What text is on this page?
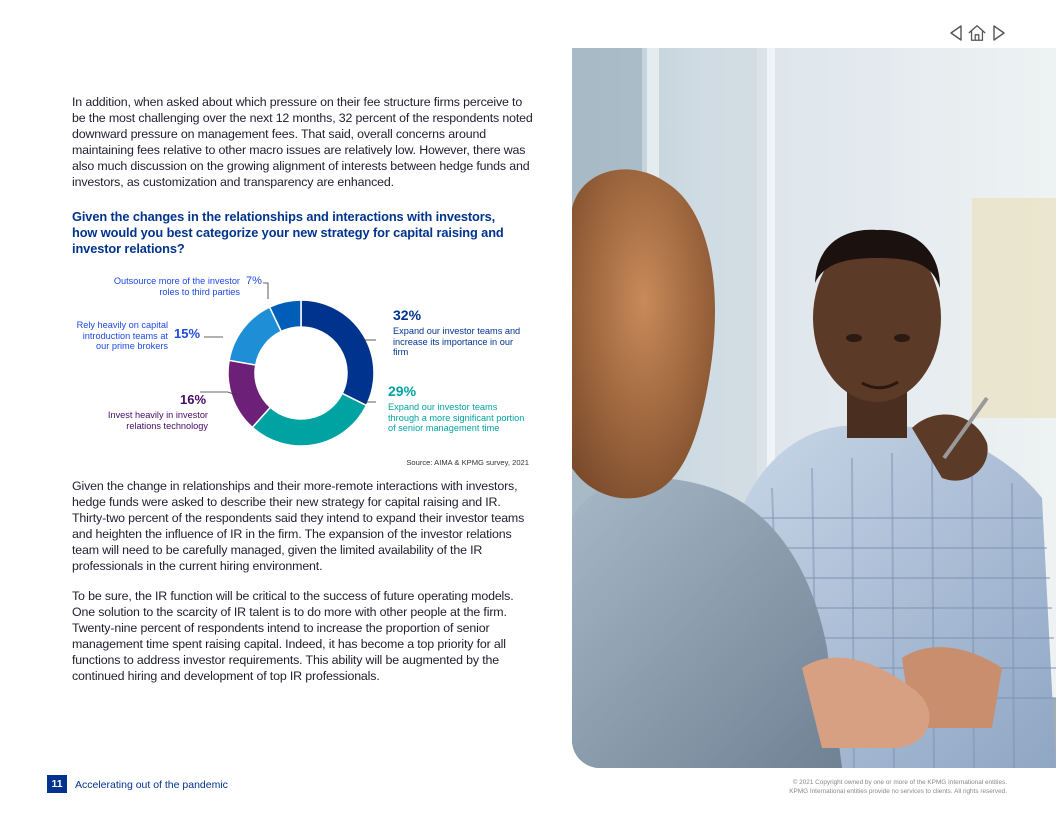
In addition, when asked about which pressure on their fee structure firms perceive to be the most challenging over the next 12 months, 32 percent of the respondents noted downward pressure on management fees. That said, overall concerns around maintaining fees relative to other macro issues are relatively low. However, there was also much discussion on the growing alignment of interests between hedge funds and investors, as customization and transparency are enhanced.

Given the changes in the relationships and interactions with investors, how would you best categorize your new strategy for capital raising and investor relations?

Outsource more of the investor roles to third parties
7%
Rely heavily on capital introduction teams at our prime brokers
15%
16%
Invest heavily in investor relations technology
32%
Expand our investor teams and increase its importance in our firm
29%
Expand our investor teams through a more significant portion of senior management time
Source: AIMA & KPMG survey, 2021

Given the change in relationships and their more-remote interactions with investors, hedge funds were asked to describe their new strategy for capital raising and IR. Thirty-two percent of the respondents said they intend to expand their investor teams and heighten the influence of IR in the firm. The expansion of the investor relations team will need to be carefully managed, given the limited availability of the IR professionals in the current hiring environment.

To be sure, the IR function will be critical to the success of future operating models. One solution to the scarcity of IR talent is to do more with other people at the firm. Twenty-nine percent of respondents intend to increase the proportion of senior management time spent raising capital. Indeed, it has become a top priority for all functions to address investor requirements. This ability will be augmented by the continued hiring and development of top IR professionals.

11	Accelerating out of the pandemic	© 2021 Copyright owned by one or more of the KPMG International entities.
KPMG International entities provide no services to clients. All rights reserved.
